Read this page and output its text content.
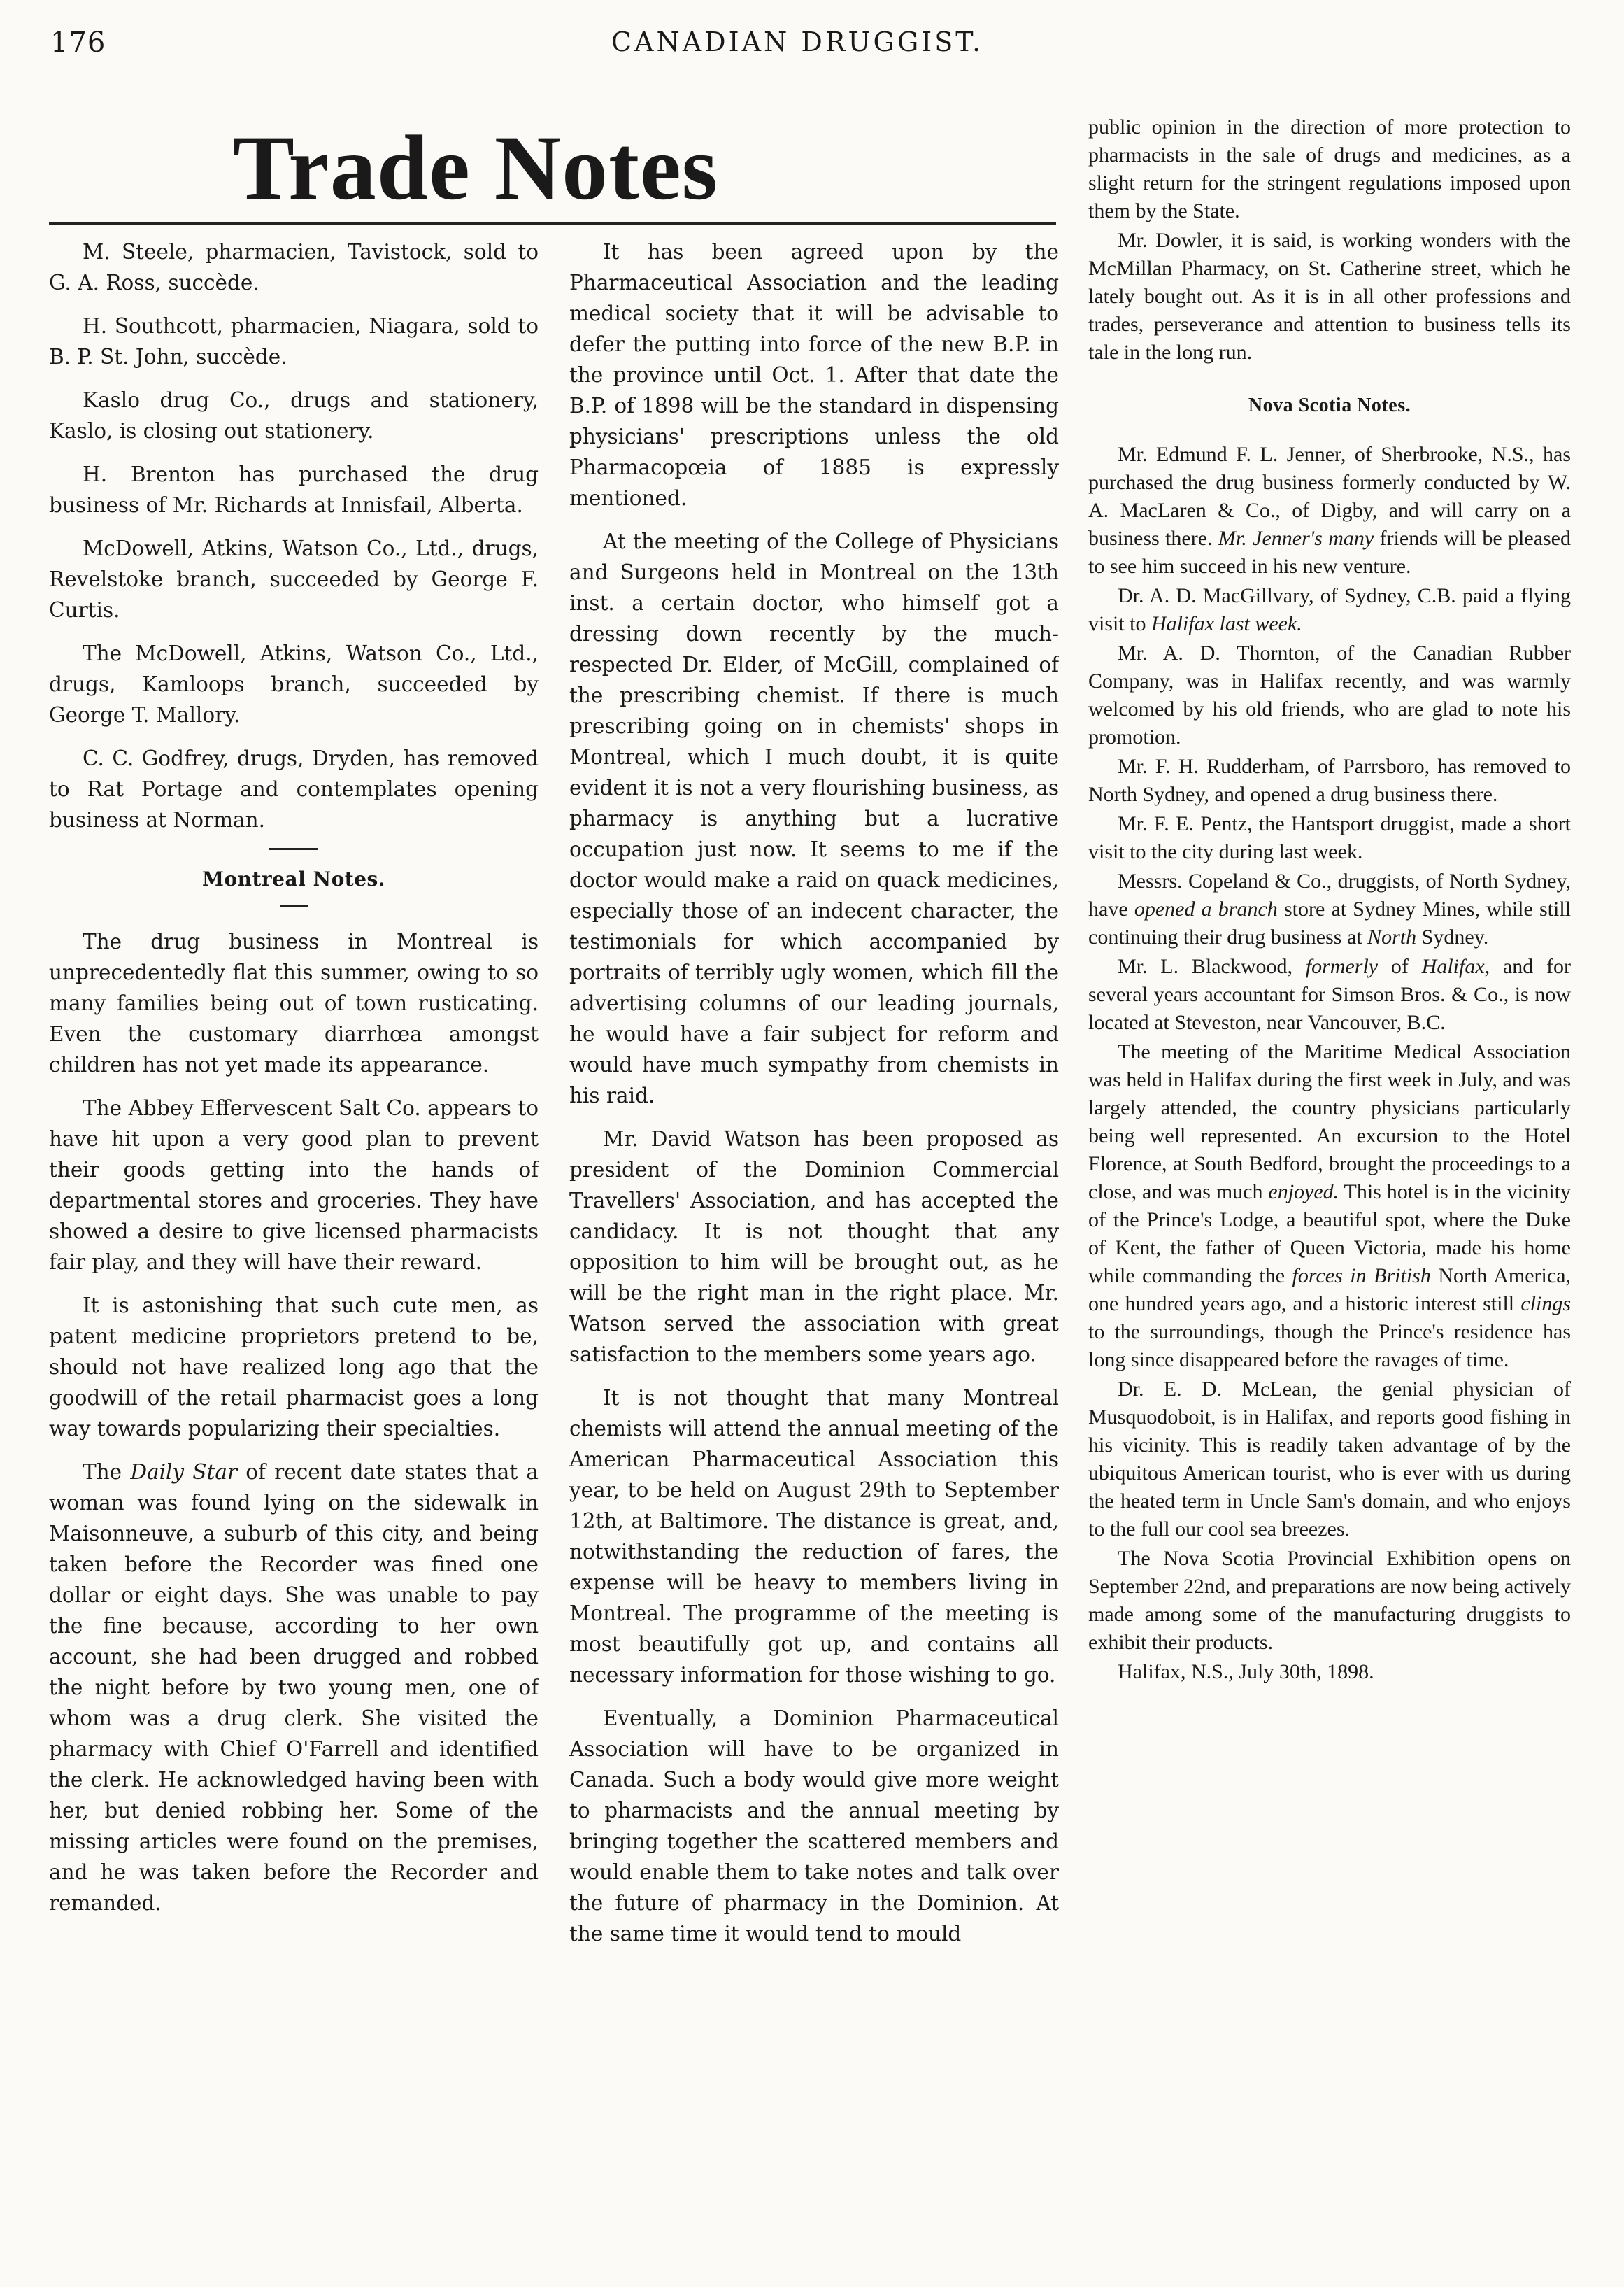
176	CANADIAN DRUGGIST.
Trade Notes

M. Steele, pharmacien, Tavistock, sold to G. A. Ross, succède.

H. Southcott, pharmacien, Niagara, sold to B. P. St. John, succède.

Kaslo drug Co., drugs and stationery, Kaslo, is closing out stationery.

H. Brenton has purchased the drug business of Mr. Richards at Innisfail, Alberta.

McDowell, Atkins, Watson Co., Ltd., drugs, Revelstoke branch, succeeded by George F. Curtis.

The McDowell, Atkins, Watson Co., Ltd., drugs, Kamloops branch, succeeded by George T. Mallory.

C. C. Godfrey, drugs, Dryden, has removed to Rat Portage and contemplates opening business at Norman.

Montreal Notes.

The drug business in Montreal is unprecedentedly flat this summer, owing to so many families being out of town rusticating. Even the customary diarrhœa amongst children has not yet made its appearance.

The Abbey Effervescent Salt Co. appears to have hit upon a very good plan to prevent their goods getting into the hands of departmental stores and groceries. They have showed a desire to give licensed pharmacists fair play, and they will have their reward.

It is astonishing that such cute men, as patent medicine proprietors pretend to be, should not have realized long ago that the goodwill of the retail pharmacist goes a long way towards popularizing their specialties.

The Daily Star of recent date states that a woman was found lying on the sidewalk in Maisonneuve, a suburb of this city, and being taken before the Recorder was fined one dollar or eight days. She was unable to pay the fine because, according to her own account, she had been drugged and robbed the night before by two young men, one of whom was a drug clerk. She visited the pharmacy with Chief O'Farrell and identified the clerk. He acknowledged having been with her, but denied robbing her. Some of the missing articles were found on the premises, and he was taken before the Recorder and remanded.

It has been agreed upon by the Pharmaceutical Association and the leading medical society that it will be advisable to defer the putting into force of the new B.P. in the province until Oct. 1. After that date the B.P. of 1898 will be the standard in dispensing physicians' prescriptions unless the old Pharmacopœia of 1885 is expressly mentioned.

At the meeting of the College of Physicians and Surgeons held in Montreal on the 13th inst. a certain doctor, who himself got a dressing down recently by the much-respected Dr. Elder, of McGill, complained of the prescribing chemist. If there is much prescribing going on in chemists' shops in Montreal, which I much doubt, it is quite evident it is not a very flourishing business, as pharmacy is anything but a lucrative occupation just now. It seems to me if the doctor would make a raid on quack medicines, especially those of an indecent character, the testimonials for which accompanied by portraits of terribly ugly women, which fill the advertising columns of our leading journals, he would have a fair subject for reform and would have much sympathy from chemists in his raid.

Mr. David Watson has been proposed as president of the Dominion Commercial Travellers' Association, and has accepted the candidacy. It is not thought that any opposition to him will be brought out, as he will be the right man in the right place. Mr. Watson served the association with great satisfaction to the members some years ago.

It is not thought that many Montreal chemists will attend the annual meeting of the American Pharmaceutical Association this year, to be held on August 29th to September 12th, at Baltimore. The distance is great, and, notwithstanding the reduction of fares, the expense will be heavy to members living in Montreal. The programme of the meeting is most beautifully got up, and contains all necessary information for those wishing to go.

Eventually, a Dominion Pharmaceutical Association will have to be organized in Canada. Such a body would give more weight to pharmacists and the annual meeting by bringing together the scattered members and would enable them to take notes and talk over the future of pharmacy in the Dominion. At the same time it would tend to mould

public opinion in the direction of more protection to pharmacists in the sale of drugs and medicines, as a slight return for the stringent regulations imposed upon them by the State.

Mr. Dowler, it is said, is working wonders with the McMillan Pharmacy, on St. Catherine street, which he lately bought out. As it is in all other professions and trades, perseverance and attention to business tells its tale in the long run.

Nova Scotia Notes.

Mr. Edmund F. L. Jenner, of Sherbrooke, N.S., has purchased the drug business formerly conducted by W. A. MacLaren & Co., of Digby, and will carry on a business there. Mr. Jenner's many friends will be pleased to see him succeed in his new venture.

Dr. A. D. MacGillvary, of Sydney, C.B. paid a flying visit to Halifax last week.

Mr. A. D. Thornton, of the Canadian Rubber Company, was in Halifax recently, and was warmly welcomed by his old friends, who are glad to note his promotion.

Mr. F. H. Rudderham, of Parrsboro, has removed to North Sydney, and opened a drug business there.

Mr. F. E. Pentz, the Hantsport druggist, made a short visit to the city during last week.

Messrs. Copeland & Co., druggists, of North Sydney, have opened a branch store at Sydney Mines, while still continuing their drug business at North Sydney.

Mr. L. Blackwood, formerly of Halifax, and for several years accountant for Simson Bros. & Co., is now located at Steveston, near Vancouver, B.C.

The meeting of the Maritime Medical Association was held in Halifax during the first week in July, and was largely attended, the country physicians particularly being well represented. An excursion to the Hotel Florence, at South Bedford, brought the proceedings to a close, and was much enjoyed. This hotel is in the vicinity of the Prince's Lodge, a beautiful spot, where the Duke of Kent, the father of Queen Victoria, made his home while commanding the forces in British North America, one hundred years ago, and a historic interest still clings to the surroundings, though the Prince's residence has long since disappeared before the ravages of time.

Dr. E. D. McLean, the genial physician of Musquodoboit, is in Halifax, and reports good fishing in his vicinity. This is readily taken advantage of by the ubiquitous American tourist, who is ever with us during the heated term in Uncle Sam's domain, and who enjoys to the full our cool sea breezes.

The Nova Scotia Provincial Exhibition opens on September 22nd, and preparations are now being actively made among some of the manufacturing druggists to exhibit their products.

Halifax, N.S., July 30th, 1898.
